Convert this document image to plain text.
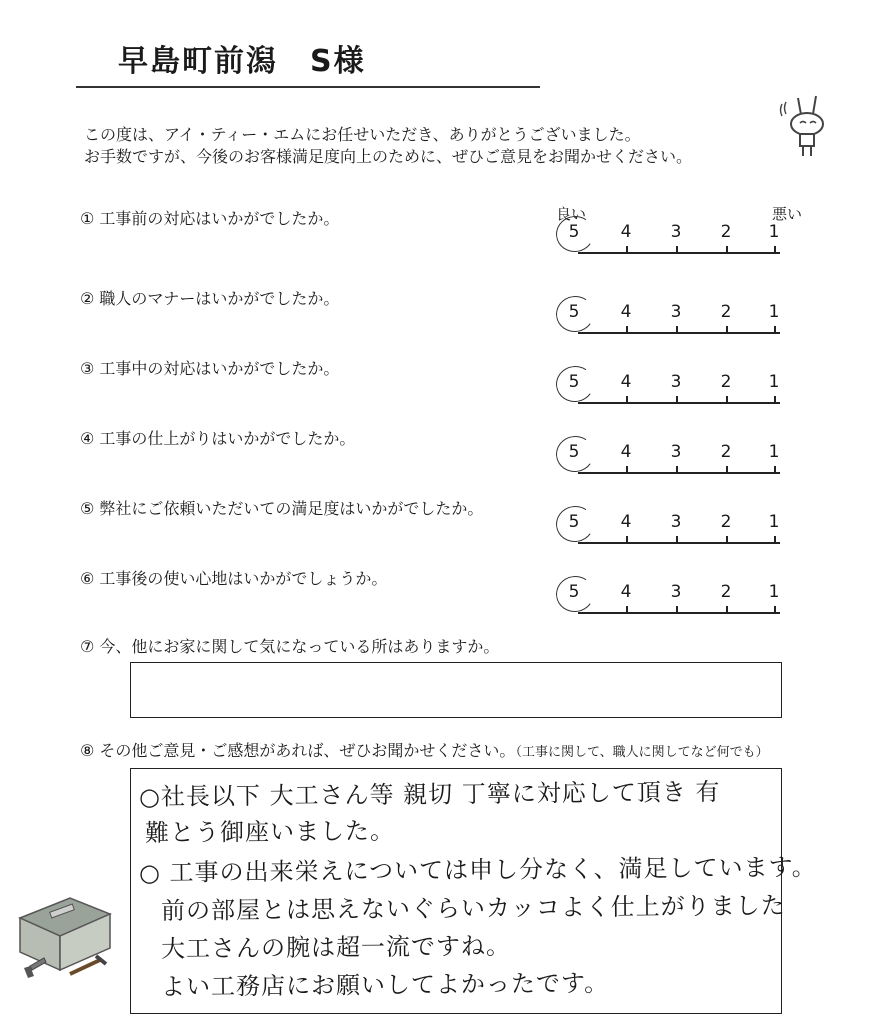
早島町前潟　S様
この度は、アイ・ティー・エムにお任せいただき、ありがとうございました。
お手数ですが、今後のお客様満足度向上のために、ぜひご意見をお聞かせください。
良い	悪い
① 工事前の対応はいかがでしたか。
5 4 3 2 1
② 職人のマナーはいかがでしたか。
5 4 3 2 1
③ 工事中の対応はいかがでしたか。
5 4 3 2 1
④ 工事の仕上がりはいかがでしたか。
5 4 3 2 1
⑤ 弊社にご依頼いただいての満足度はいかがでしたか。
5 4 3 2 1
⑥ 工事後の使い心地はいかがでしょうか。
5 4 3 2 1
⑦ 今、他にお家に関して気になっている所はありますか。
⑧ その他ご意見・ご感想があれば、ぜひお聞かせください。（工事に関して、職人に関してなど何でも）
○社長以下 大工さん等 親切 丁寧に対応して頂き 有
難とう御座いました。
○ 工事の出来栄えについては申し分なく、満足しています。
前の部屋とは思えないぐらいカッコよく仕上がりました
大工さんの腕は超一流ですね。
よい工務店にお願いしてよかったです。
